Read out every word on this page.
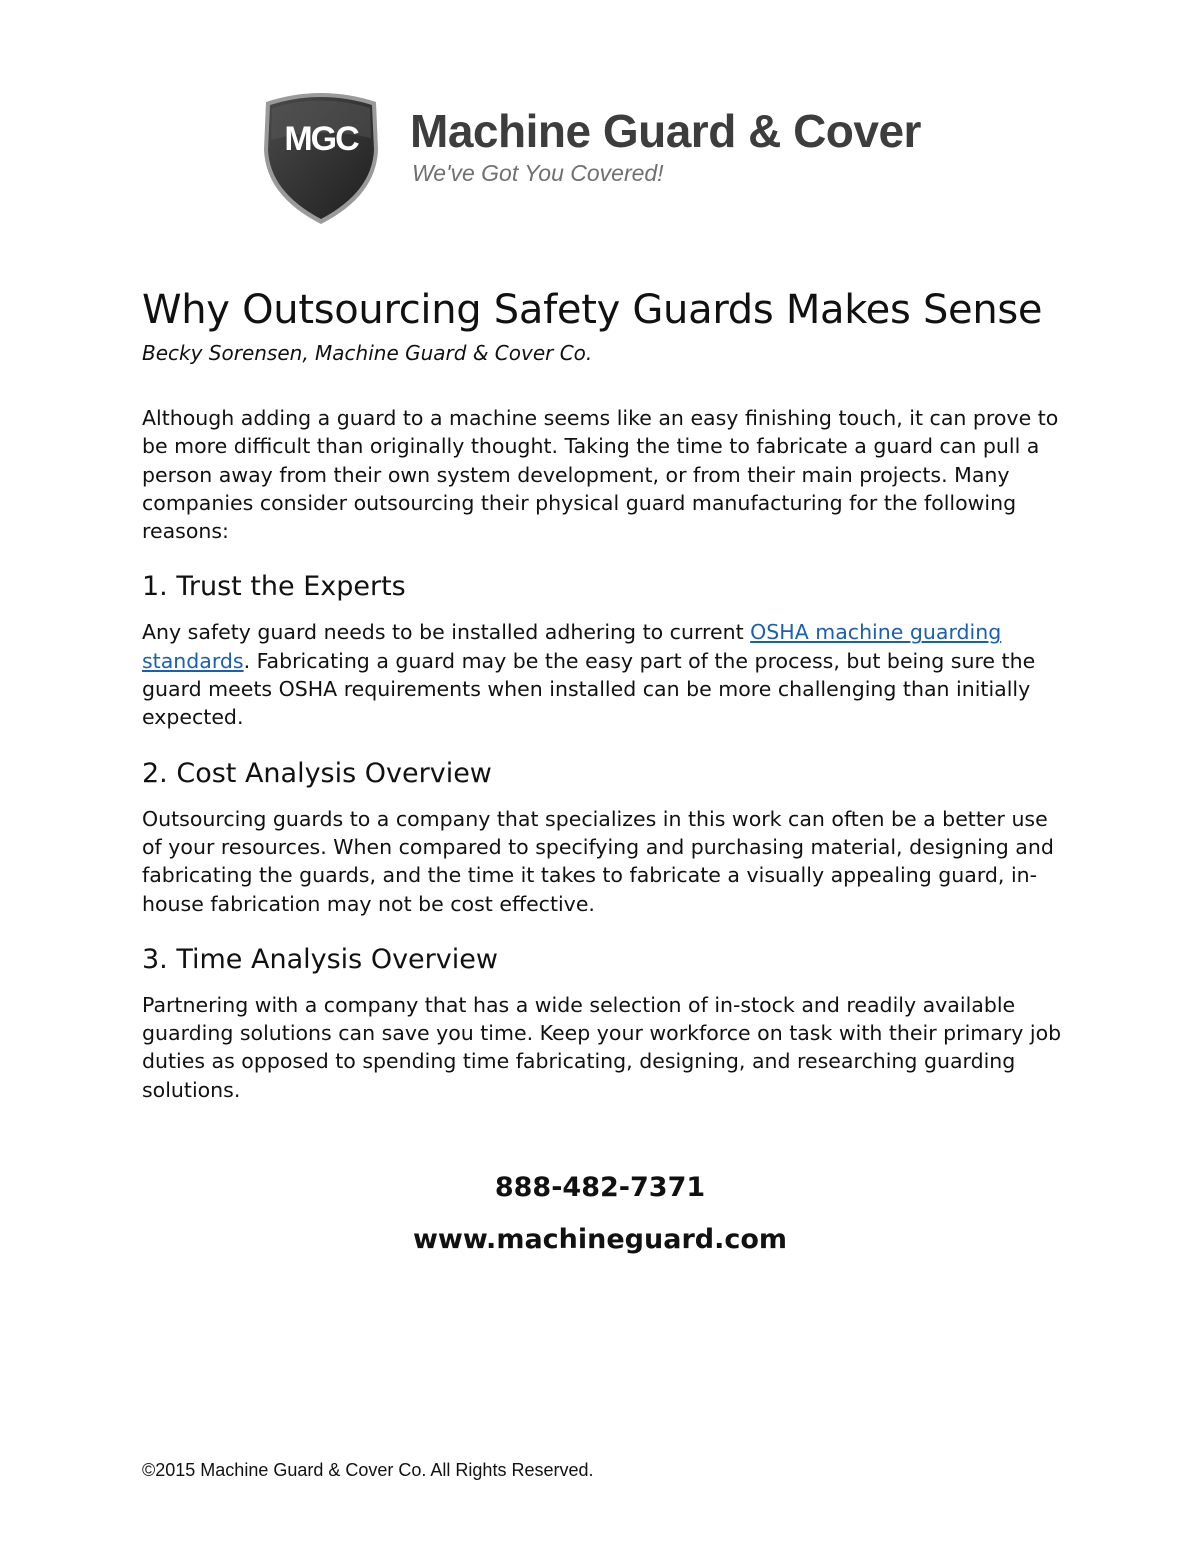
MGC Machine Guard & Cover
We've Got You Covered!
Why Outsourcing Safety Guards Makes Sense

Becky Sorensen, Machine Guard & Cover Co.

Although adding a guard to a machine seems like an easy finishing touch, it can prove to be more difficult than originally thought. Taking the time to fabricate a guard can pull a person away from their own system development, or from their main projects. Many companies consider outsourcing their physical guard manufacturing for the following reasons:

1. Trust the Experts

Any safety guard needs to be installed adhering to current OSHA machine guarding standards. Fabricating a guard may be the easy part of the process, but being sure the guard meets OSHA requirements when installed can be more challenging than initially expected.

2. Cost Analysis Overview

Outsourcing guards to a company that specializes in this work can often be a better use of your resources. When compared to specifying and purchasing material, designing and fabricating the guards, and the time it takes to fabricate a visually appealing guard, in-house fabrication may not be cost effective.

3. Time Analysis Overview

Partnering with a company that has a wide selection of in-stock and readily available guarding solutions can save you time. Keep your workforce on task with their primary job duties as opposed to spending time fabricating, designing, and researching guarding solutions.

888-482-7371

www.machineguard.com

©2015 Machine Guard & Cover Co. All Rights Reserved.
